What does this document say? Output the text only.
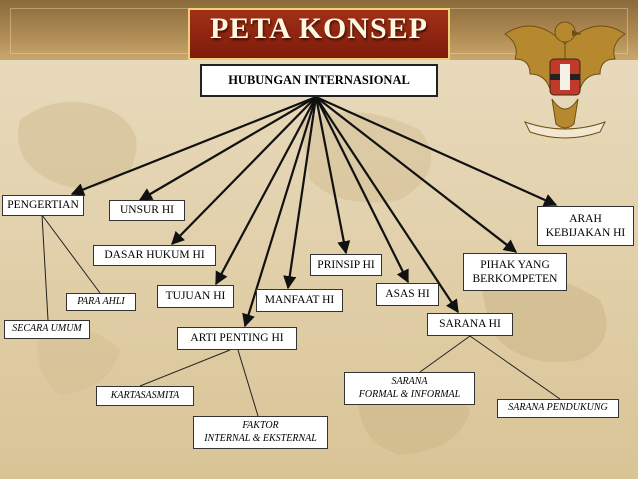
PETA KONSEP
HUBUNGAN INTERNASIONAL
PENGERTIAN	UNSUR HI
DASAR HUKUM HI
TUJUAN HI	MANFAAT HI
PRINSIP HI
ASAS HI
PIHAK YANG
BERKOMPETEN
ARAH
KEBIJAKAN HI
ARTI PENTING HI
SARANA HI
PARA AHLI
SECARA UMUM
KARTASASMITA
FAKTOR
INTERNAL & EKSTERNAL
SARANA
FORMAL & INFORMAL
SARANA PENDUKUNG
